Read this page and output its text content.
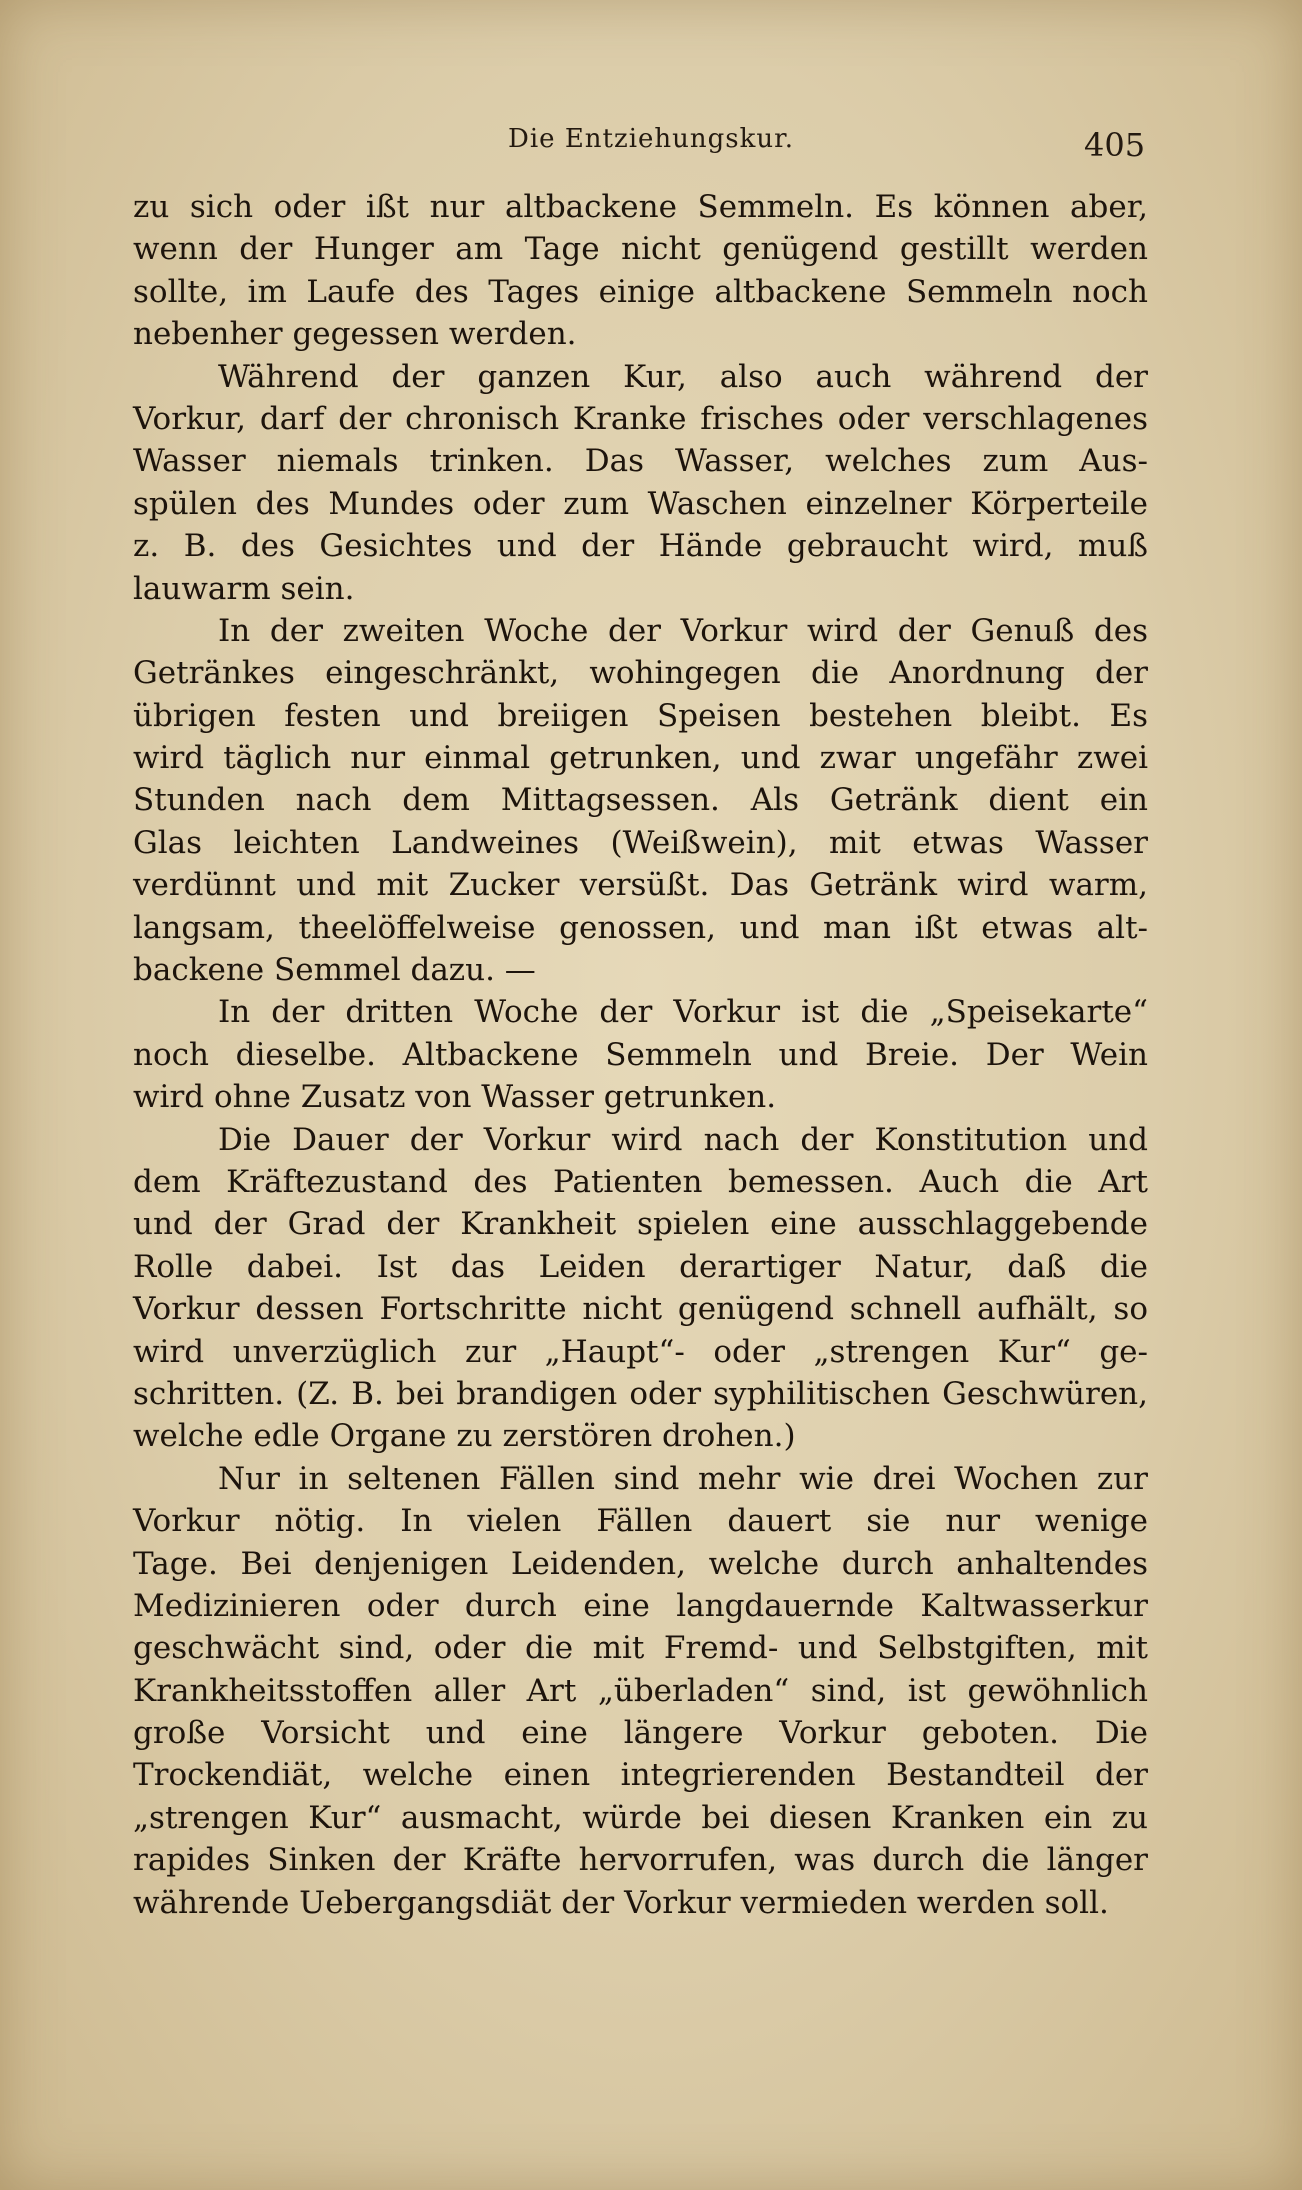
Die Entziehungskur.	405
zu sich oder ißt nur altbackene Semmeln. Es können aber,
wenn der Hunger am Tage nicht genügend gestillt werden
sollte, im Laufe des Tages einige altbackene Semmeln noch
nebenher gegessen werden.
Während der ganzen Kur, also auch während der
Vorkur, darf der chronisch Kranke frisches oder verschlagenes
Wasser niemals trinken. Das Wasser, welches zum Aus-
spülen des Mundes oder zum Waschen einzelner Körperteile
z. B. des Gesichtes und der Hände gebraucht wird, muß
lauwarm sein.
In der zweiten Woche der Vorkur wird der Genuß des
Getränkes eingeschränkt, wohingegen die Anordnung der
übrigen festen und breiigen Speisen bestehen bleibt. Es
wird täglich nur einmal getrunken, und zwar ungefähr zwei
Stunden nach dem Mittagsessen. Als Getränk dient ein
Glas leichten Landweines (Weißwein), mit etwas Wasser
verdünnt und mit Zucker versüßt. Das Getränk wird warm,
langsam, theelöffelweise genossen, und man ißt etwas alt-
backene Semmel dazu. —
In der dritten Woche der Vorkur ist die „Speisekarte“
noch dieselbe. Altbackene Semmeln und Breie. Der Wein
wird ohne Zusatz von Wasser getrunken.
Die Dauer der Vorkur wird nach der Konstitution und
dem Kräftezustand des Patienten bemessen. Auch die Art
und der Grad der Krankheit spielen eine ausschlaggebende
Rolle dabei. Ist das Leiden derartiger Natur, daß die
Vorkur dessen Fortschritte nicht genügend schnell aufhält, so
wird unverzüglich zur „Haupt“- oder „strengen Kur“ ge-
schritten. (Z. B. bei brandigen oder syphilitischen Geschwüren,
welche edle Organe zu zerstören drohen.)
Nur in seltenen Fällen sind mehr wie drei Wochen zur
Vorkur nötig. In vielen Fällen dauert sie nur wenige
Tage. Bei denjenigen Leidenden, welche durch anhaltendes
Medizinieren oder durch eine langdauernde Kaltwasserkur
geschwächt sind, oder die mit Fremd- und Selbstgiften, mit
Krankheitsstoffen aller Art „überladen“ sind, ist gewöhnlich
große Vorsicht und eine längere Vorkur geboten. Die
Trockendiät, welche einen integrierenden Bestandteil der
„strengen Kur“ ausmacht, würde bei diesen Kranken ein zu
rapides Sinken der Kräfte hervorrufen, was durch die länger
währende Uebergangsdiät der Vorkur vermieden werden soll.
